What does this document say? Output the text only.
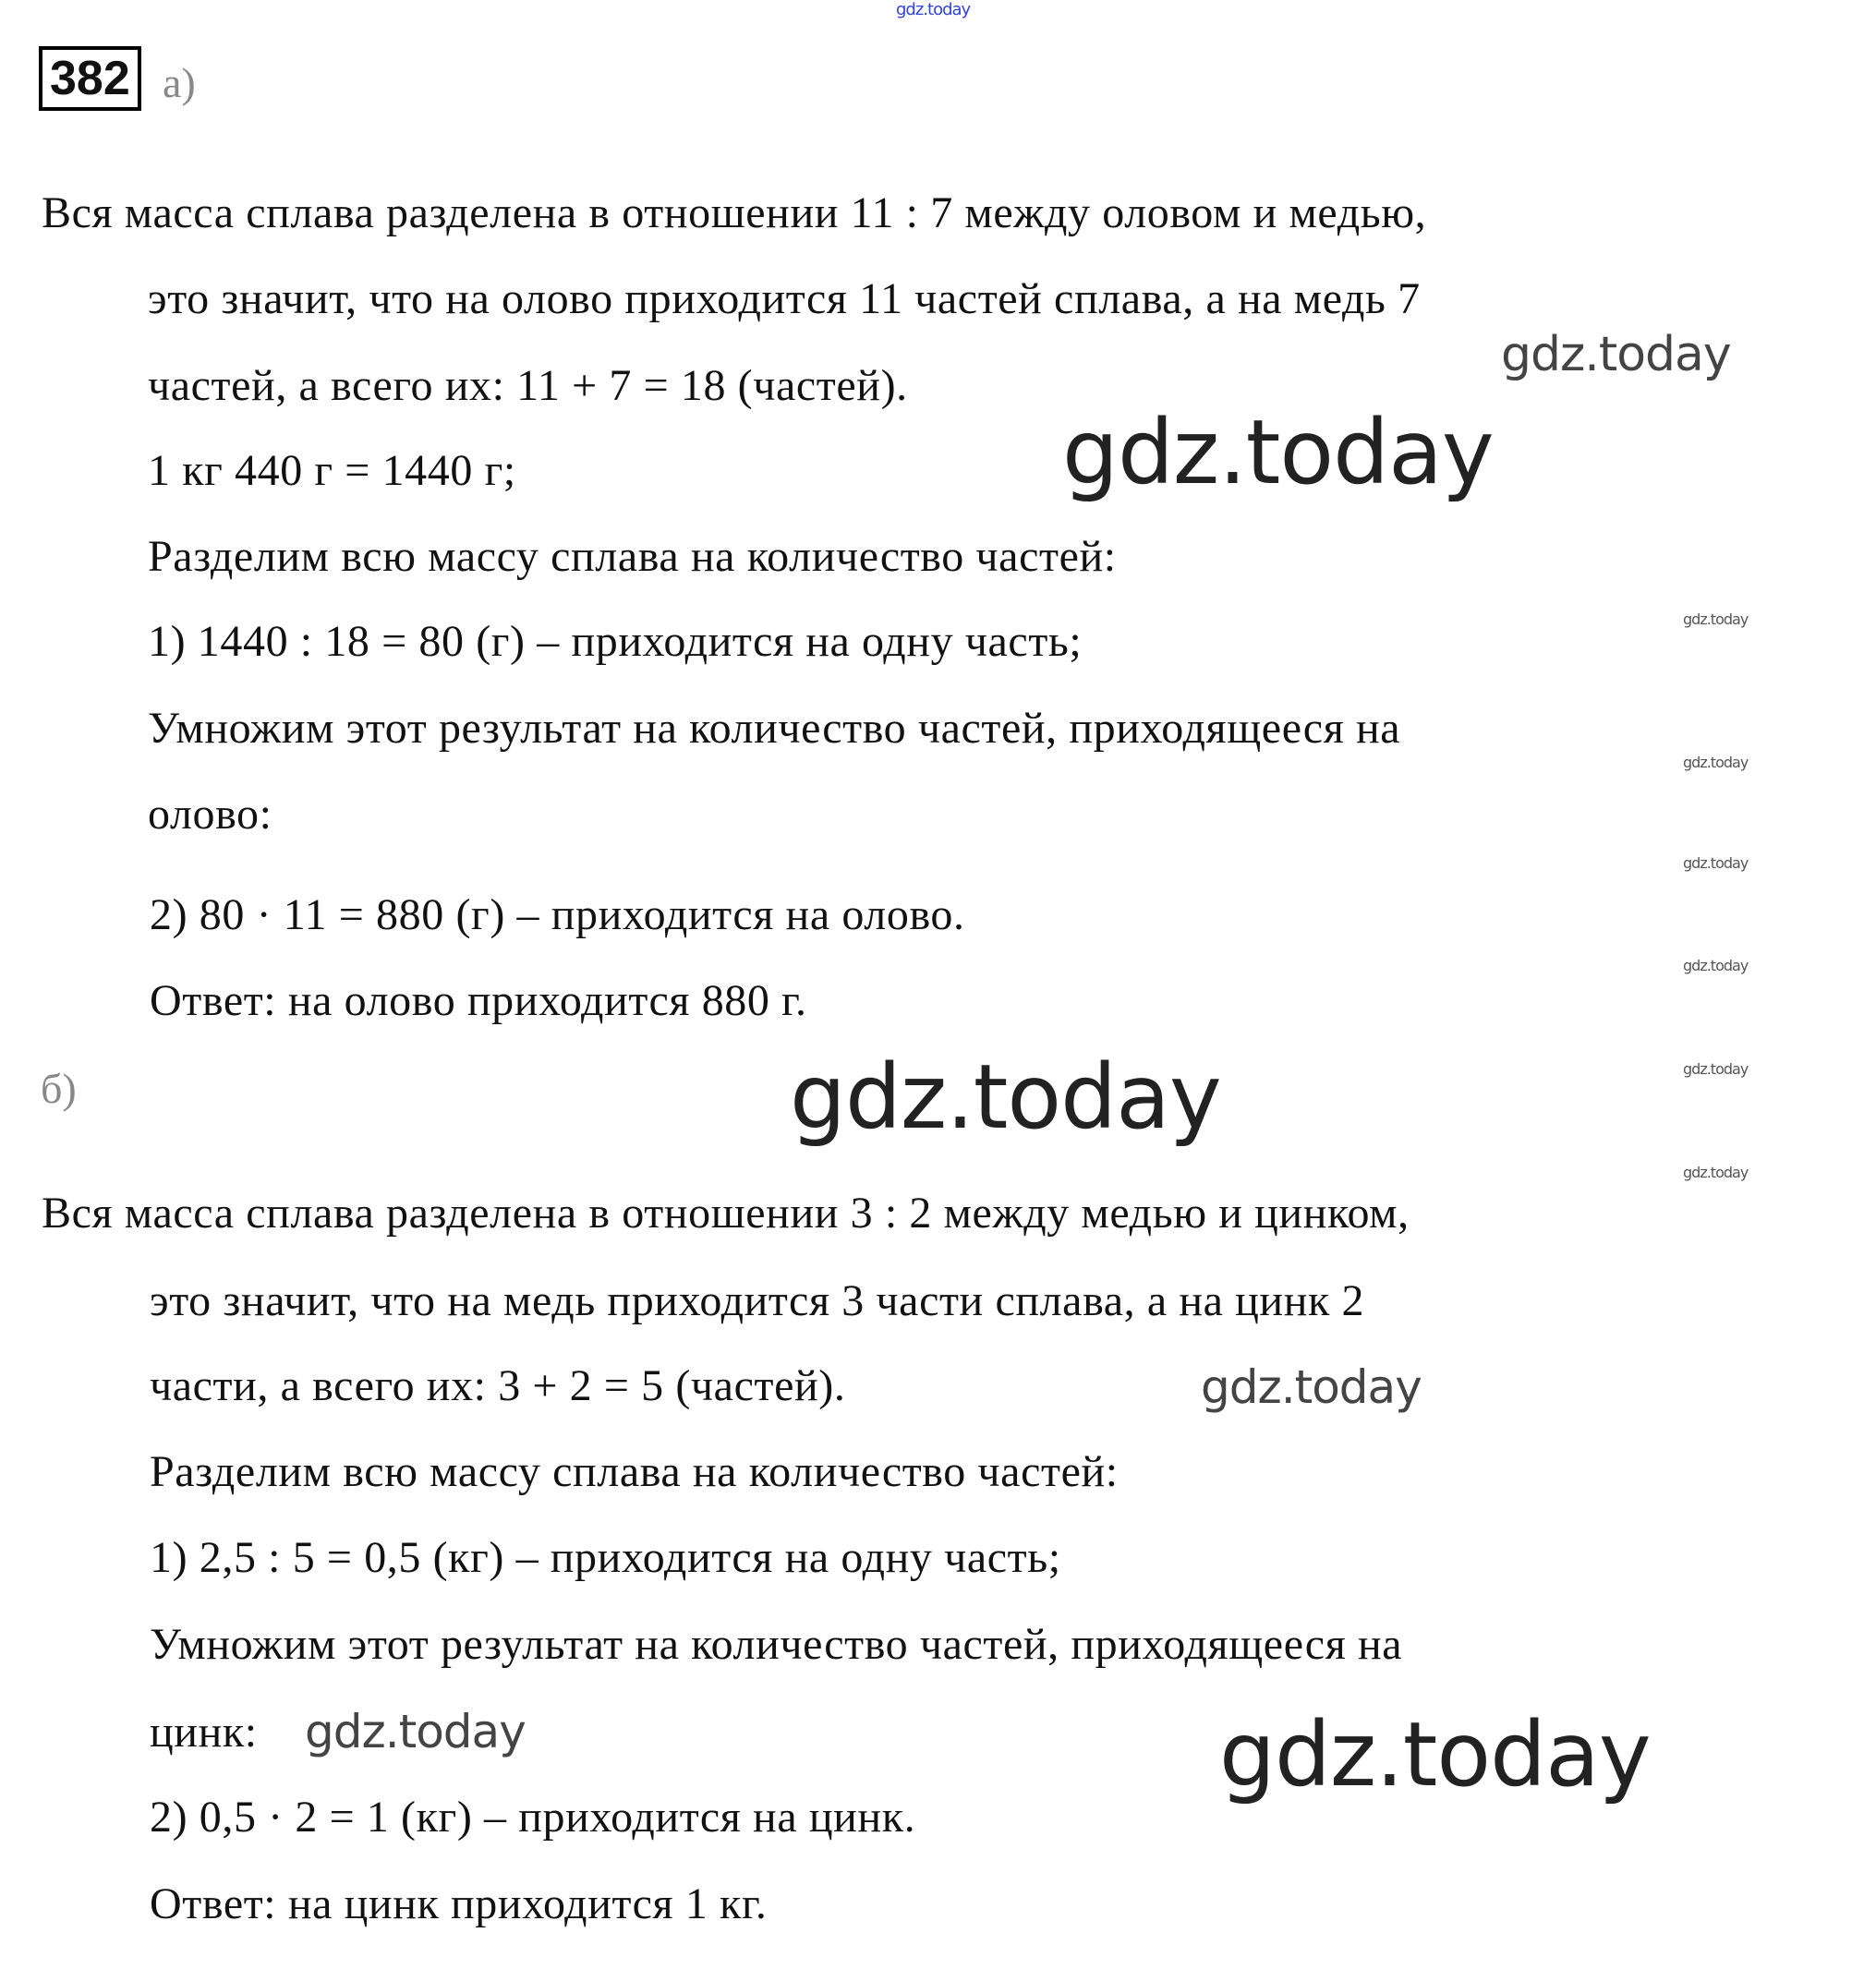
382 а)
Вся масса сплава разделена в отношении 11 : 7 между оловом и медью,
это значит, что на олово приходится 11 частей сплава, а на медь 7
частей, а всего их: 11 + 7 = 18 (частей).
1 кг 440 г = 1440 г;
Разделим всю массу сплава на количество частей:
1) 1440 : 18 = 80 (г) – приходится на одну часть;
Умножим этот результат на количество частей, приходящееся на
олово:
2) 80 · 11 = 880 (г) – приходится на олово.
Ответ: на олово приходится 880 г.
б)
Вся масса сплава разделена в отношении 3 : 2 между медью и цинком,
это значит, что на медь приходится 3 части сплава, а на цинк 2
части, а всего их: 3 + 2 = 5 (частей).
Разделим всю массу сплава на количество частей:
1) 2,5 : 5 = 0,5 (кг) – приходится на одну часть;
Умножим этот результат на количество частей, приходящееся на
цинк:
2) 0,5 · 2 = 1 (кг) – приходится на цинк.
Ответ: на цинк приходится 1 кг.
gdz.today
gdz.today
gdz.today
gdz.today
gdz.today
gdz.today
gdz.today
gdz.today	gdz.today
gdz.today
gdz.today
gdz.today	gdz.today
